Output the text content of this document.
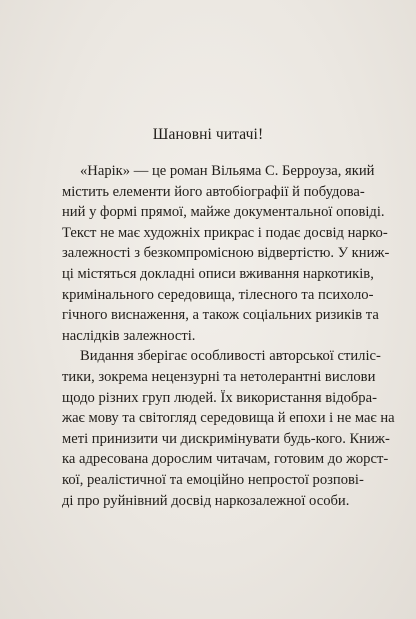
Шановні читачі!

«Нарік» — це роман Вільяма С. Берроуза, який
містить елементи його автобіографії й побудова-
ний у формі прямої, майже документальної оповіді.
Текст не має художніх прикрас і подає досвід нарко-
залежності з безкомпромісною відвертістю. У книж-
ці містяться докладні описи вживання наркотиків,
кримінального середовища, тілесного та психоло-
гічного виснаження, а також соціальних ризиків та
наслідків залежності.

Видання зберігає особливості авторської стиліс-
тики, зокрема нецензурні та нетолерантні вислови
щодо різних груп людей. Їх використання відобра-
жає мову та світогляд середовища й епохи і не має на
меті принизити чи дискримінувати будь-кого. Книж-
ка адресована дорослим читачам, готовим до жорст-
кої, реалістичної та емоційно непростої розпові-
ді про руйнівний досвід наркозалежної особи.
